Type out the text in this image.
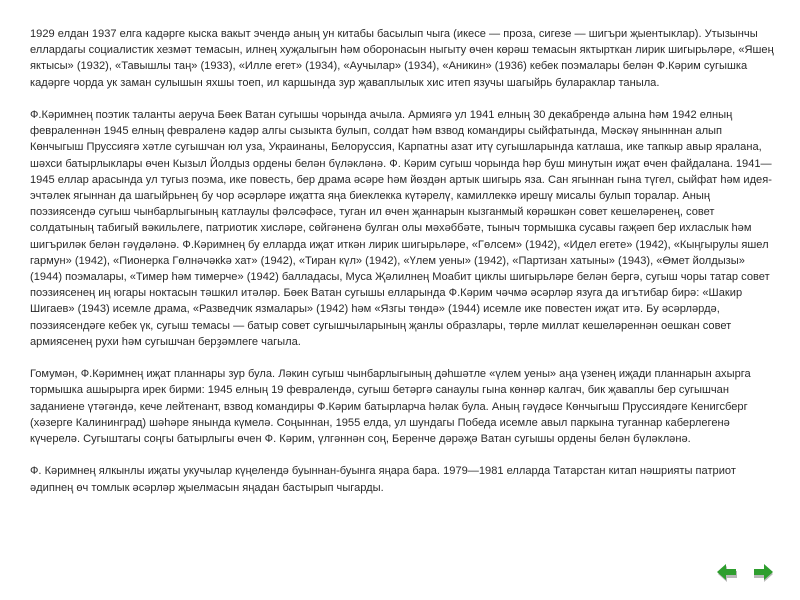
1929 елдан 1937 елга кадәрге кыска вакыт эчендә аның ун китабы басылып чыга (икесе — проза, сигезе — шигъри җыентыклар). Утызынчы еллардагы социалистик хезмәт темасын, илнең хуҗалыгын һәм оборонасын ныгыту өчен көрәш темасын яктырткан лирик шигырьләре, «Яшең яктысы» (1932), «Тавышлы таң» (1933), «Илле егет» (1934), «Аучылар» (1934), «Аникин» (1936) кебек поэмалары белән Ф.Кәрим сугышка кадәрге чорда ук заман сулышын яхшы тоеп, ил каршында зур җаваплылык хис итеп язучы шагыйрь булараклар таныла.

Ф.Кәримнең поэтик таланты аеруча Бөек Ватан сугышы чорында ачыла. Армиягә ул 1941 елның 30 декабрендә алына һәм 1942 елның февраленнән 1945 елның февраленә кадәр алгы сызыкта булып, солдат һәм взвод командиры сыйфатында, Мәскәү янынннан алып Көнчыгыш Пруссиягә хәтле сугышчан юл уза, Украинаны, Белоруссия, Карпатны азат итү сугышларында катлаша, ике тапкыр авыр яралана, шәхси батырлыклары өчен Кызыл Йолдыз ордены белән бүләкләнә. Ф. Кәрим сугыш чорында һәр буш минутын иҗат өчен файдалана. 1941—1945 еллар арасында ул тугыз поэма, ике повесть, бер драма әсәре һәм йөздән артык шигырь яза. Сан ягыннан гына түгел, сыйфат һәм идея-эчтәлек ягыннан да шагыйрьнең бу чор әсәрләре иҗатта яңа биеклекка күтәрелү, камиллеккә ирешү мисалы булып торалар. Аның поэзиясендә сугыш чынбарлыгының катлаулы фәлсәфәсе, туган ил өчен җаннарын кызганмый көрәшкән совет кешеләренең, совет солдатының табигый вәкильлеге, патриотик хисләре, сөйгәненә булган олы мәхәббәте, тыныч тормышка сусавы гаҗәеп бер ихласлык һәм шигъриләк белән гәүдәләнә. Ф.Кәримнең бу елларда иҗат иткән лирик шигырьләре, «Гөлсем» (1942), «Идел егете» (1942), «Кыңгырулы яшел гармун» (1942), «Пионерка Гөлнәчәкkә хат» (1942), «Тиран күл» (1942), «Үлем уены» (1942), «Партизан хатыны» (1943), «Өмет йолдызы» (1944) поэмалары, «Тимер һәм тимерче» (1942) балладасы, Муса Җәлилнең Моабит циклы шигырьләре белән бергә, сугыш чоры татар совет поэзиясенең иң югары ноктасын тәшкил итәләр. Бөек Ватан сугышы елларында Ф.Кәрим чәчмә әсәрләр язуга да игътибар бирә: «Шакир Шигаев» (1943) исемле драма, «Разведчик язмалары» (1942) һәм «Язгы төндә» (1944) исемле ике повестен иҗат итә. Бу әсәрләрдә, поэзиясендәге кебек үк, сугыш темасы — батыр совет сугышчыларының җанлы образлары, төрле миллат кешеләреннән оешкан совет армиясенең рухи һәм сугышчан берҙәмлеге чагыла.

Гомумән, Ф.Кәримнең иҗат планнары зур була. Ләкин сугыш чынбарлыгының дәһшәтле «үлем уены» аңа үзенең иҗади планнарын ахырга тормышка ашырырга ирек бирми: 1945 елның 19 февралендә, сугыш бетәргә санаулы гына көннәр калгач, бик җаваплы бер сугышчан заданиене үтәгәндә, кече лейтенант, взвод командиры Ф.Кәрим батырларча һәлак була. Аның гәүдәсе Көнчыгыш Пруссиядәге Кенигсберг (хәзерге Калининград) шәһәре янында күмелә. Соңыннан, 1955 елда, ул шундагы Победа исемле авыл паркына туганнар каберлегенә күчерелә. Сугыштагы соңгы батырлыгы өчен Ф. Кәрим, үлгәннән соң, Беренче дәрәҗә Ватан сугышы ордены белән бүләкләнә.

Ф. Кәримнең ялкынлы иҗаты укучылар күңелендә буыннан-буынга яңара бара. 1979—1981 елларда Татарстан китап нәшрияты патриот әдипнең өч томлык әсәрләр җыелмасын яңадан бастырып чыгарды.
